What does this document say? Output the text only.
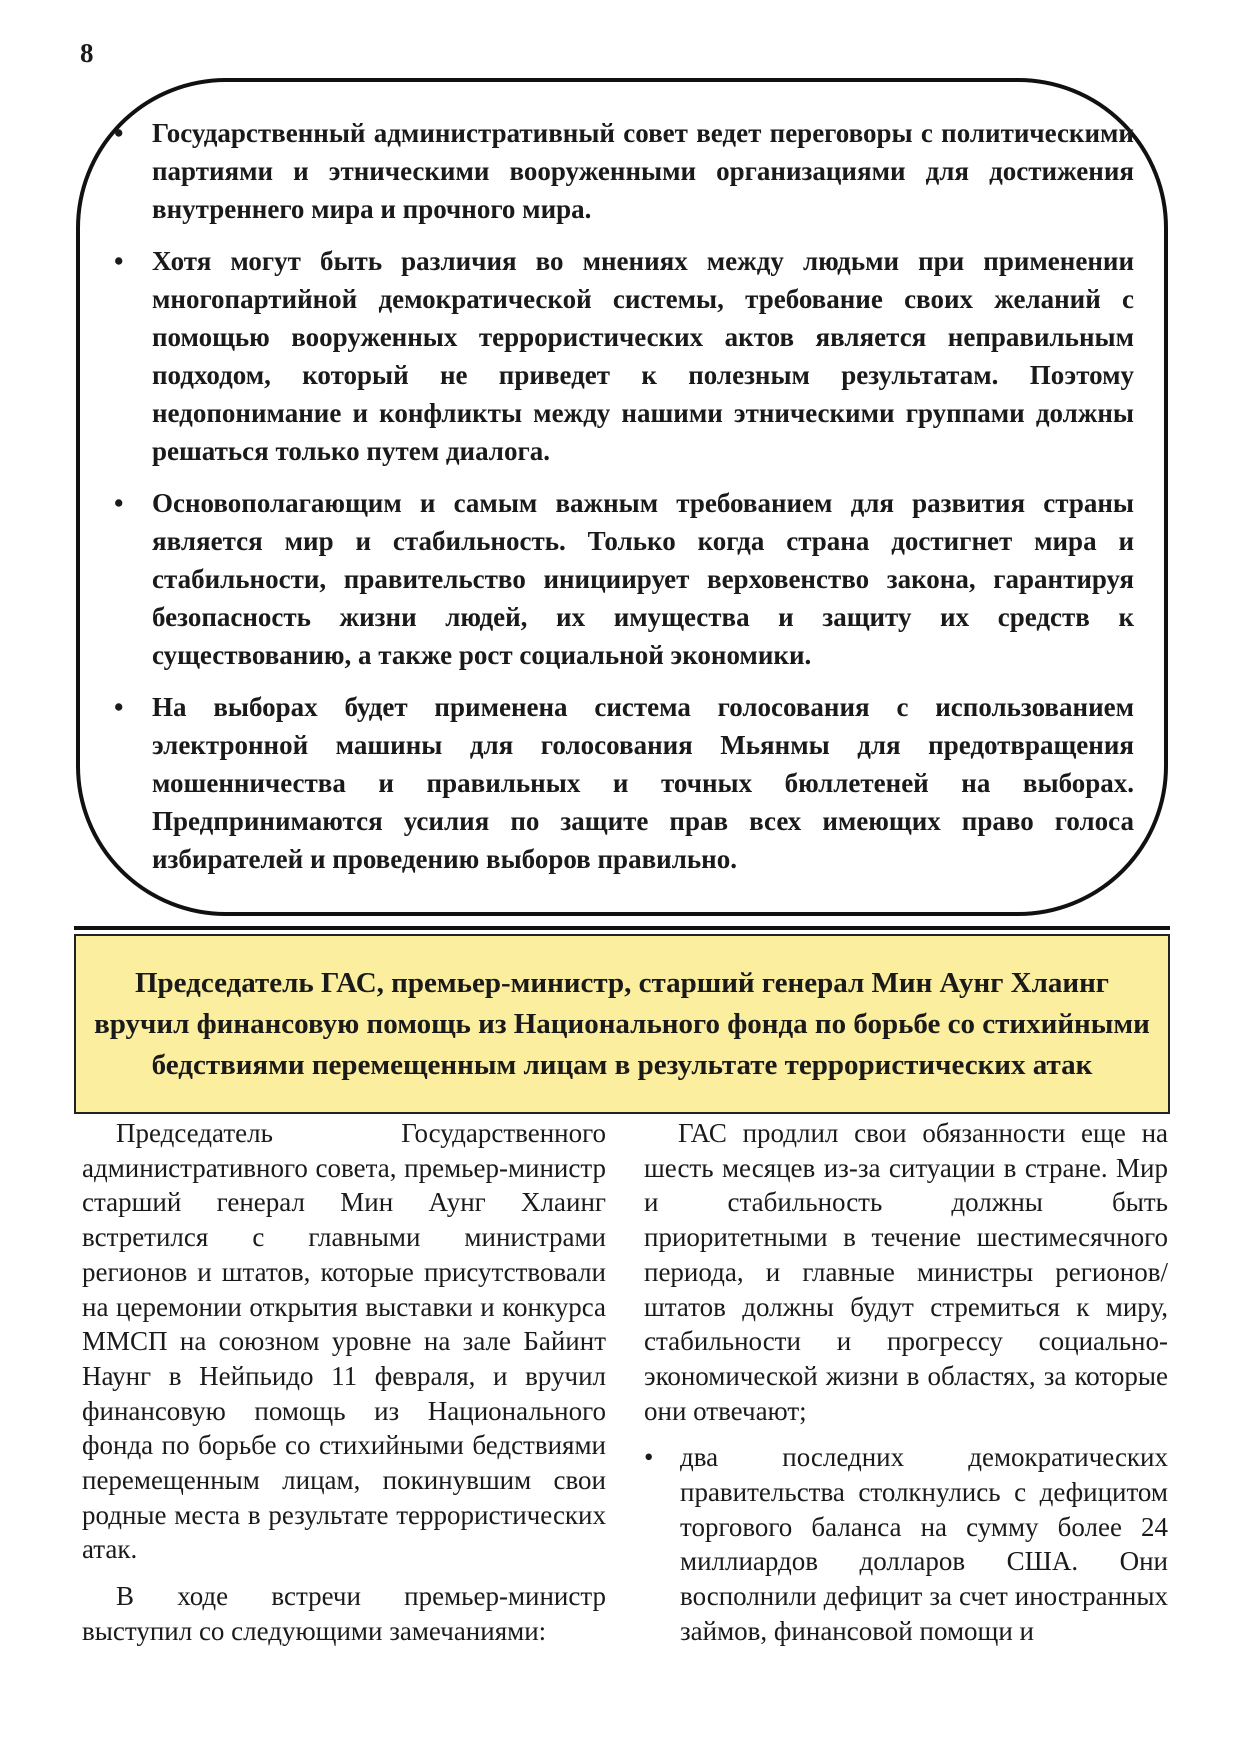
8
• Государственный административный совет ведет переговоры с политическими партиями и этническими вооруженными организациями для достижения внутреннего мира и прочного мира.
• Хотя могут быть различия во мнениях между людьми при применении многопартийной демократической системы, требование своих желаний с помощью вооруженных террористических актов является неправильным подходом, который не приведет к полезным результатам. Поэтому недопонимание и конфликты между нашими этническими группами должны решаться только путем диалога.
• Основополагающим и самым важным требованием для развития страны является мир и стабильность. Только когда страна достигнет мира и стабильности, правительство инициирует верховенство закона, гарантируя безопасность жизни людей, их имущества и защиту их средств к существованию, а также рост социальной экономики.
• На выборах будет применена система голосования с использованием электронной машины для голосования Мьянмы для предотвращения мошенничества и правильных и точных бюллетеней на выборах. Предпринимаются усилия по защите прав всех имеющих право голоса избирателей и проведению выборов правильно.
Председатель ГАС, премьер-министр, старший генерал Мин Аунг Хлаинг вручил финансовую помощь из Национального фонда по борьбе со стихийными бедствиями перемещенным лицам в результате террористических атак

Председатель Государственного административного совета, премьер-министр старший генерал Мин Аунг Хлаинг встретился с главными министрами регионов и штатов, которые присутствовали на церемонии открытия выставки и конкурса ММСП на союзном уровне на зале Байинт Наунг в Нейпьидо 11 февраля, и вручил финансовую помощь из Национального фонда по борьбе со стихийными бедствиями перемещенным лицам, покинувшим свои родные места в результате террористических атак.

В ходе встречи премьер-министр выступил со следующими замечаниями:

ГАС продлил свои обязанности еще на шесть месяцев из-за ситуации в стране. Мир и стабильность должны быть приоритетными в течение шестимесячного периода, и главные министры регионов/штатов должны будут стремиться к миру, стабильности и прогрессу социально-экономической жизни в областях, за которые они отвечают;

• два последних демократических правительства столкнулись с дефицитом торгового баланса на сумму более 24 миллиардов долларов США. Они восполнили дефицит за счет иностранных займов, финансовой помощи и
